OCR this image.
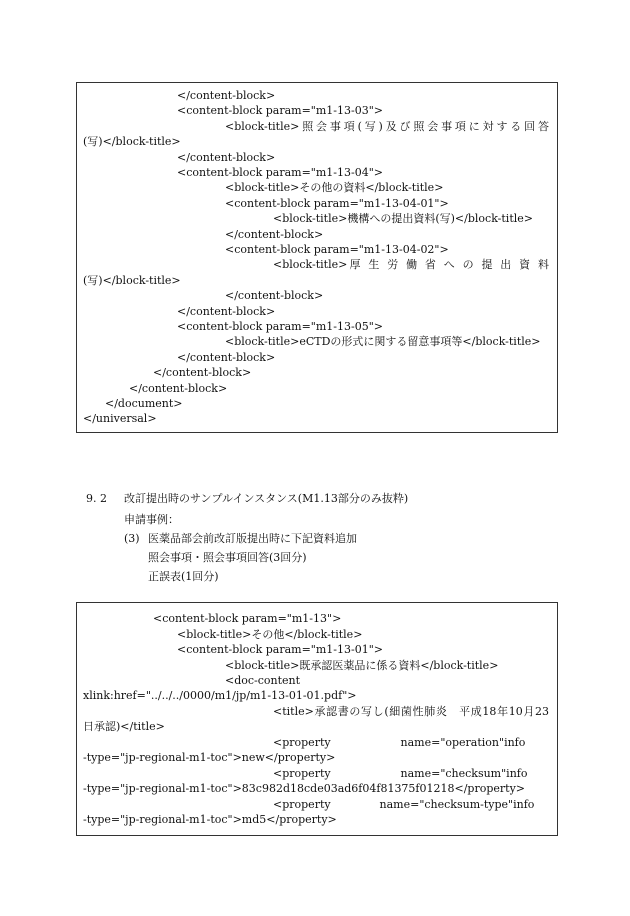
</content-block>
<content-block param="m1-13-03">
<block-title>照会事項(写)及び照会事項に対する回答
(写)</block-title>
</content-block>
<content-block param="m1-13-04">
<block-title>その他の資料</block-title>
<content-block param="m1-13-04-01">
<block-title>機構への提出資料(写)</block-title>
</content-block>
<content-block param="m1-13-04-02">
<block-title>厚 生 労 働 省 へ の 提 出 資 料
(写)</block-title>
</content-block>
</content-block>
<content-block param="m1-13-05">
<block-title>eCTDの形式に関する留意事項等</block-title>
</content-block>
</content-block>
</content-block>
</document>
</universal>
9. 2 改訂提出時のサンプルインスタンス(M1.13部分のみ抜粋)
申請事例：
(3) 医薬品部会前改訂版提出時に下記資料追加
照会事項・照会事項回答(3回分)
正誤表(1回分)
<content-block param="m1-13">
<block-title>その他</block-title>
<content-block param="m1-13-01">
<block-title>既承認医薬品に係る資料</block-title>
<doc-content
xlink:href="../../../0000/m1/jp/m1-13-01-01.pdf">
<title>承認書の写し(細菌性肺炎　平成18年10月23
日承認)</title>
<property                    name="operation"info
-type="jp-regional-m1-toc">new</property>
<property                    name="checksum"info
-type="jp-regional-m1-toc">83c982d18cde03ad6f04f81375f01218</property>
<property              name="checksum-type"info
-type="jp-regional-m1-toc">md5</property>
